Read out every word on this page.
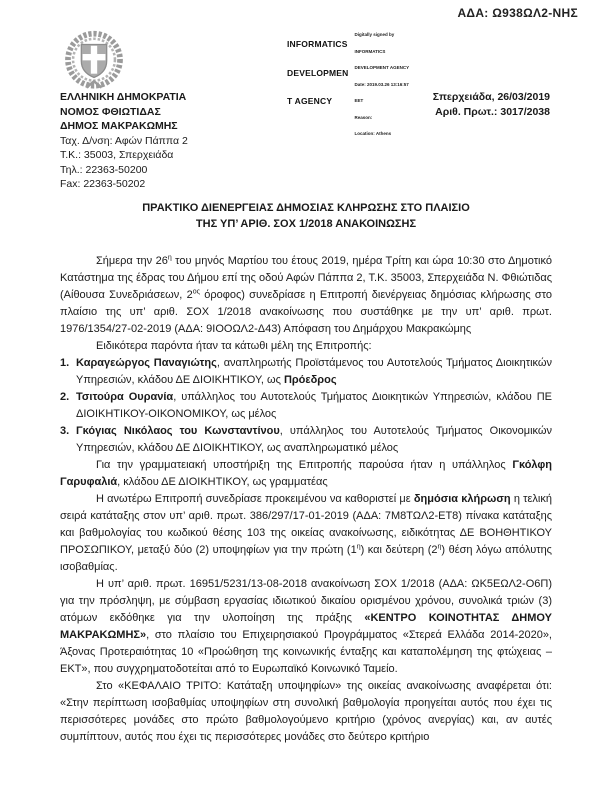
ΑΔΑ: Ω938ΩΛ2-ΝΗΣ

INFORMATICS

DEVELOPMEN

T AGENCY

Digitally signed by

INFORMATICS

DEVELOPMENT AGENCY

Date: 2019.03.26 13:16:57

EET

Reason:

Location: Athens

ΕΛΛΗΝΙΚΗ ΔΗΜΟΚΡΑΤΙΑ
ΝΟΜΟΣ ΦΘΙΩΤΙΔΑΣ
ΔΗΜΟΣ ΜΑΚΡΑΚΩΜΗΣ
Ταχ. Δ/νση: Αφών Πάππα 2
Τ.Κ.: 35003, Σπερχειάδα
Τηλ.: 22363-50200
Fax: 22363-50202
Σπερχειάδα, 26/03/2019
Αριθ. Πρωτ.: 3017/2038
ΠΡΑΚΤΙΚΟ ΔΙΕΝΕΡΓΕΙΑΣ ΔΗΜΟΣΙΑΣ ΚΛΗΡΩΣΗΣ ΣΤΟ ΠΛΑΙΣΙΟ
ΤΗΣ ΥΠ’ ΑΡΙΘ. ΣΟΧ 1/2018 ΑΝΑΚΟΙΝΩΣΗΣ

Σήμερα την $26^\eta$ του μηνός Μαρτίου του έτους 2019, ημέρα Τρίτη και ώρα 10:30 στο Δημοτικό Κατάστημα της έδρας του Δήμου επί της οδού Αφών Πάππα 2, Τ.Κ. 35003, Σπερχειάδα Ν. Φθιώτιδας (Αίθουσα Συνεδριάσεων, $2^{o\varsigma}$ όροφος) συνεδρίασε η Επιτροπή διενέργειας δημόσιας κλήρωσης στο πλαίσιο της υπ’ αριθ. ΣΟΧ 1/2018 ανακοίνωσης που συστάθηκε με την υπ’ αριθ. πρωτ. 1976/1354/27-02-2019 (ΑΔΑ: 9ΙΟΟΩΛ2-Δ43) Απόφαση του Δημάρχου Μακρακώμης

Ειδικότερα παρόντα ήταν τα κάτωθι μέλη της Επιτροπής:

1. Καραγεώργος Παναγιώτης, αναπληρωτής Προϊστάμενος του Αυτοτελούς Τμήματος Διοικητικών Υπηρεσιών, κλάδου ΔΕ ΔΙΟΙΚΗΤΙΚΟΥ, ως Πρόεδρος
2. Τσιτούρα Ουρανία, υπάλληλος του Αυτοτελούς Τμήματος Διοικητικών Υπηρεσιών, κλάδου ΠΕ ΔΙΟΙΚΗΤΙΚΟΥ-ΟΙΚΟΝΟΜΙΚΟΥ, ως μέλος
3. Γκόγιας Νικόλαος του Κωνσταντίνου, υπάλληλος του Αυτοτελούς Τμήματος Οικονομικών Υπηρεσιών, κλάδου ΔΕ ΔΙΟΙΚΗΤΙΚΟΥ, ως αναπληρωματικό μέλος

Για την γραμματειακή υποστήριξη της Επιτροπής παρούσα ήταν η υπάλληλος Γκόλφη Γαρυφαλιά, κλάδου ΔΕ ΔΙΟΙΚΗΤΙΚΟΥ, ως γραμματέας

Η ανωτέρω Επιτροπή συνεδρίασε προκειμένου να καθοριστεί με δημόσια κλήρωση η τελική σειρά κατάταξης στον υπ’ αριθ. πρωτ. 386/297/17-01-2019 (ΑΔΑ: 7Μ8ΤΩΛ2-ΕΤ8) πίνακα κατάταξης και βαθμολογίας του κωδικού θέσης 103 της οικείας ανακοίνωσης, ειδικότητας ΔΕ ΒΟΗΘΗΤΙΚΟΥ ΠΡΟΣΩΠΙΚΟΥ, μεταξύ δύο (2) υποψηφίων για την πρώτη $(1^\eta)$ και δεύτερη $(2^\eta)$ θέση λόγω απόλυτης ισοβαθμίας.

Η υπ’ αριθ. πρωτ. 16951/5231/13-08-2018 ανακοίνωση ΣΟΧ 1/2018 (ΑΔΑ: ΩΚ5ΕΩΛ2-Ο6Π) για την πρόσληψη, με σύμβαση εργασίας ιδιωτικού δικαίου ορισμένου χρόνου, συνολικά τριών (3) ατόμων εκδόθηκε για την υλοποίηση της πράξης «ΚΕΝΤΡΟ ΚΟΙΝΟΤΗΤΑΣ ΔΗΜΟΥ ΜΑΚΡΑΚΩΜΗΣ», στο πλαίσιο του Επιχειρησιακού Προγράμματος «Στερεά Ελλάδα 2014-2020», Άξονας Προτεραιότητας 10 «Προώθηση της κοινωνικής ένταξης και καταπολέμηση της φτώχειας – ΕΚΤ», που συγχρηματοδοτείται από το Ευρωπαϊκό Κοινωνικό Ταμείο.

Στο «ΚΕΦΑΛΑΙΟ ΤΡΙΤΟ: Κατάταξη υποψηφίων» της οικείας ανακοίνωσης αναφέρεται ότι: «Στην περίπτωση ισοβαθμίας υποψηφίων στη συνολική βαθμολογία προηγείται αυτός που έχει τις περισσότερες μονάδες στο πρώτο βαθμολογούμενο κριτήριο (χρόνος ανεργίας) και, αν αυτές συμπίπτουν, αυτός που έχει τις περισσότερες μονάδες στο δεύτερο κριτήριο
